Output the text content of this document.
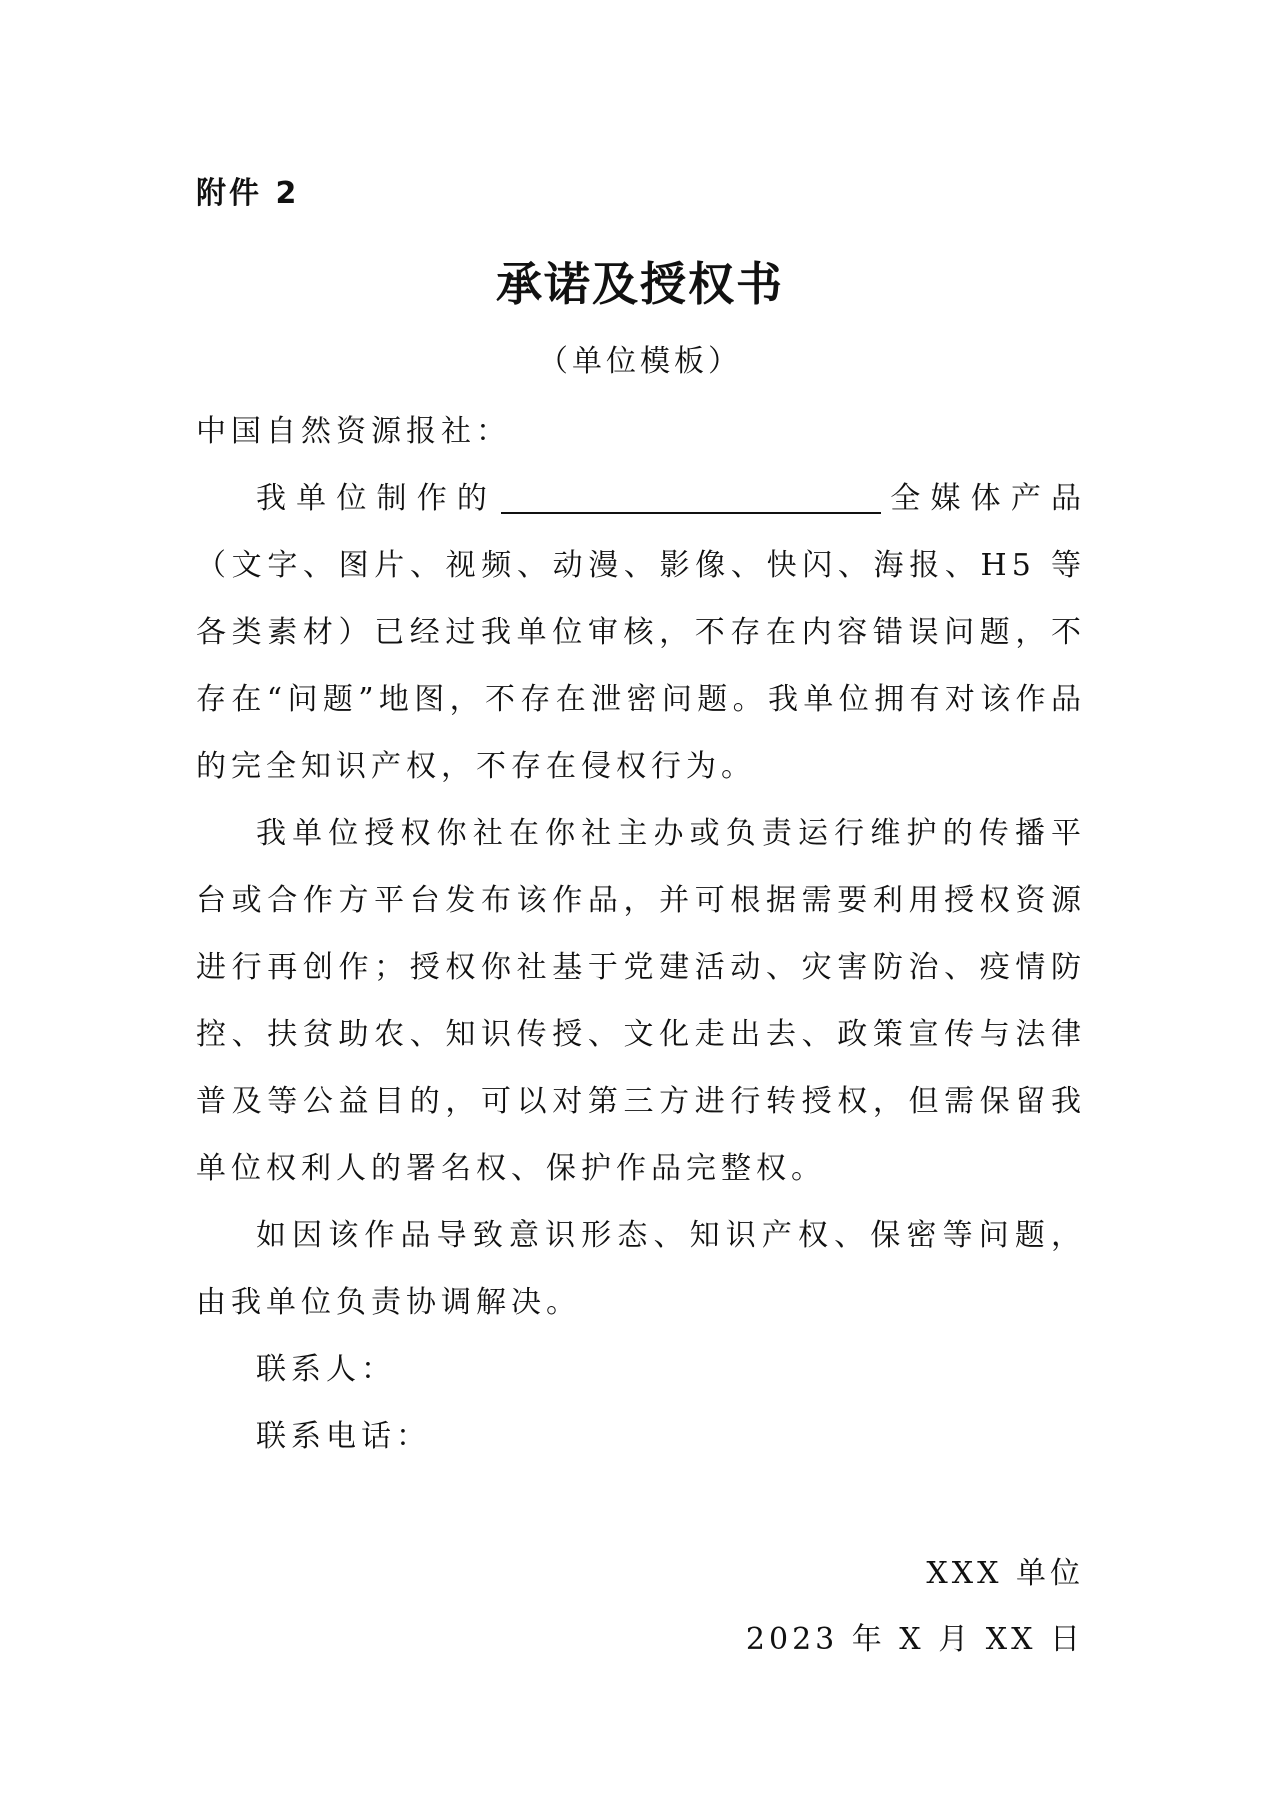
附件 2
承诺及授权书
（单位模板）

中国自然资源报社：

我单位制作的	全媒体产品（文字、图片、视频、动漫、影像、快闪、海报、H5 等各类素材）已经过我单位审核，不存在内容错误问题，不存在“问题”地图，不存在泄密问题。我单位拥有对该作品的完全知识产权，不存在侵权行为。

我单位授权你社在你社主办或负责运行维护的传播平台或合作方平台发布该作品，并可根据需要利用授权资源进行再创作；授权你社基于党建活动、灾害防治、疫情防控、扶贫助农、知识传授、文化走出去、政策宣传与法律普及等公益目的，可以对第三方进行转授权，但需保留我单位权利人的署名权、保护作品完整权。

如因该作品导致意识形态、知识产权、保密等问题，由我单位负责协调解决。

联系人：

联系电话：

XXX 单位
2023 年 X 月 XX 日
